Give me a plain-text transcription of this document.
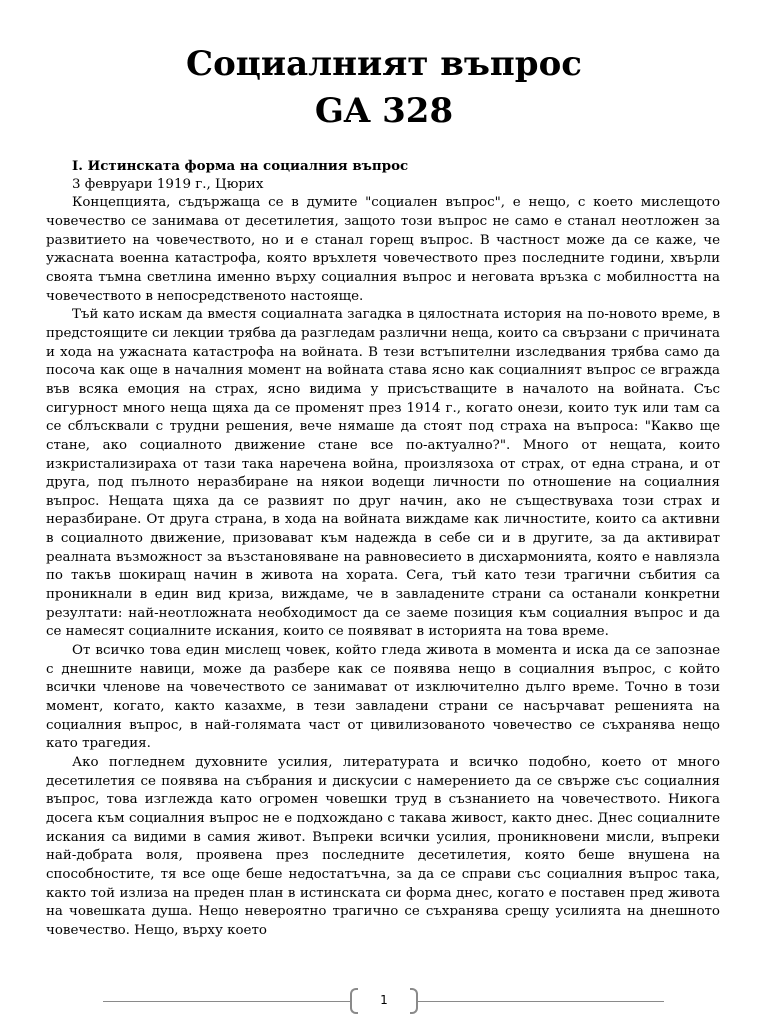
Социалният въпрос
GA 328

I. Истинската форма на социалния въпрос

3 февруари 1919 г., Цюрих

Концепцията, съдържаща се в думите "социален въпрос", е нещо, с което мислещото човечество се занимава от десетилетия, защото този въпрос не само е станал неотложен за развитието на човечеството, но и е станал горещ въпрос. В частност може да се каже, че ужасната военна катастрофа, която връхлетя човечеството през последните години, хвърли своята тъмна светлина именно върху социалния въпрос и неговата връзка с мобилността на човечеството в непосредственото настояще.

Тъй като искам да вместя социалната загадка в цялостната история на по-новото време, в предстоящите си лекции трябва да разгледам различни неща, които са свързани с причината и хода на ужасната катастрофа на войната. В тези встъпителни изследвания трябва само да посоча как още в началния момент на войната става ясно как социалният въпрос се вгражда във всяка емоция на страх, ясно видима у присъстващите в началото на войната. Със сигурност много неща щяха да се променят през 1914 г., когато онези, които тук или там са се сблъсквали с трудни решения, вече нямаше да стоят под страха на въпроса: "Какво ще стане, ако социалното движение стане все по-актуално?". Много от нещата, които изкристализираха от тази така наречена война, произлязоха от страх, от една страна, и от друга, под пълното неразбиране на някои водещи личности по отношение на социалния въпрос. Нещата щяха да се развият по друг начин, ако не съществуваха този страх и неразбиране. От друга страна, в хода на войната виждаме как личностите, които са активни в социалното движение, призовават към надежда в себе си и в другите, за да активират реалната възможност за възстановяване на равновесието в дисхармонията, която е навлязла по такъв шокиращ начин в живота на хората. Сега, тъй като тези трагични събития са проникнали в един вид криза, виждаме, че в завладените страни са останали конкретни резултати: най-неотложната необходимост да се заеме позиция към социалния въпрос и да се намесят социалните искания, които се появяват в историята на това време.

От всичко това един мислещ човек, който гледа живота в момента и иска да се запознае с днешните навици, може да разбере как се появява нещо в социалния въпрос, с който всички членове на човечеството се занимават от изключително дълго време. Точно в този момент, когато, както казахме, в тези завладени страни се насърчават решенията на социалния въпрос, в най-голямата част от цивилизованото човечество се съхранява нещо като трагедия.

Ако погледнем духовните усилия, литературата и всичко подобно, което от много десетилетия се появява на събрания и дискусии с намерението да се свърже със социалния въпрос, това изглежда като огромен човешки труд в съзнанието на човечеството. Никога досега към социалния въпрос не е подхождано с такава живост, както днес. Днес социалните искания са видими в самия живот. Въпреки всички усилия, проникновени мисли, въпреки най-добрата воля, проявена през последните десетилетия, която беше внушена на способностите, тя все още беше недостатъчна, за да се справи със социалния въпрос така, както той излиза на преден план в истинската си форма днес, когато е поставен пред живота на човешката душа. Нещо невероятно трагично се съхранява срещу усилията на днешното човечество. Нещо, върху което

1
